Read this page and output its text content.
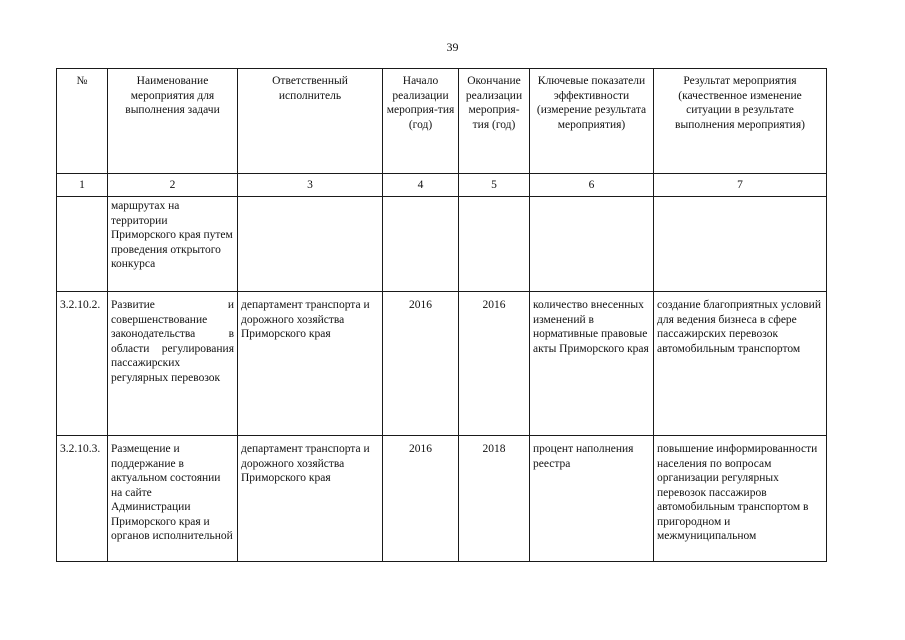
39
№	Наименование мероприятия для выполнения задачи	Ответственный исполнитель	Начало реализации мероприя-тия (год)	Окончание реализации мероприя-тия (год)	Ключевые показатели эффективности (измерение результата мероприятия)	Результат мероприятия (качественное изменение ситуации в результате выполнения мероприятия)
1	2	3	4	5	6	7
	маршрутах на территории Приморского края путем проведения открытого конкурса					
3.2.10.2.	Развитие и совершенствование законодательства в области регулирования пассажирских регулярных перевозок	департамент транспорта и дорожного хозяйства Приморского края	2016	2016	количество внесенных изменений в нормативные правовые акты Приморского края	создание благоприятных условий для ведения бизнеса в сфере пассажирских перевозок автомобильным транспортом
3.2.10.3.	Размещение и поддержание в актуальном состоянии на сайте Администрации Приморского края и органов исполнительной	департамент транспорта и дорожного хозяйства Приморского края	2016	2018	процент наполнения реестра	повышение информированности населения по вопросам организации регулярных перевозок пассажиров автомобильным транспортом в пригородном и межмуниципальном
